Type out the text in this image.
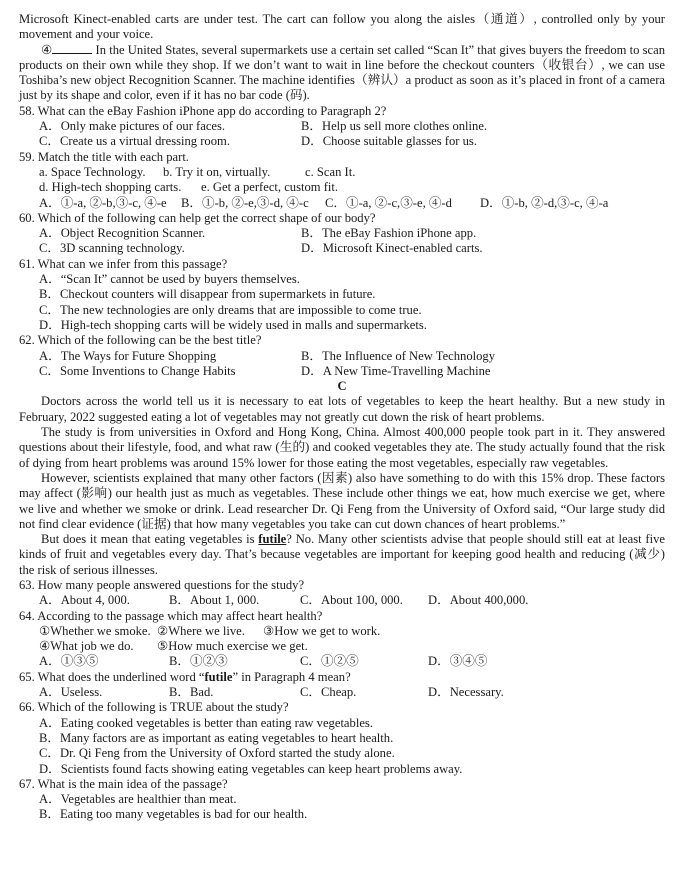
Microsoft Kinect-enabled carts are under test. The cart can follow you along the aisles（通道）, controlled only by your movement and your voice.

④	In the United States, several supermarkets use a certain set called “Scan It” that gives buyers the freedom to scan products on their own while they shop. If we don’t want to wait in line before the checkout counters（收银台）, we can use Toshiba’s new object Recognition Scanner. The machine identifies（辨认）a product as soon as it’s placed in front of a camera just by its shape and color, even if it has no bar code (码).

58. What can the eBay Fashion iPhone app do according to Paragraph 2?

A．Only make pictures of our faces.	B．Help us sell more clothes online.
C．Create us a virtual dressing room.	D．Choose suitable glasses for us.

59. Match the title with each part.

a. Space Technology. b. Try it on, virtually.	c. Scan It.
d. High-tech shopping carts. e. Get a perfect, custom fit.
A．①-a, ②-b,③-c, ④-e B．①-b, ②-e,③-d, ④-c C．①-a, ②-c,③-e, ④-d D．①-b, ②-d,③-c, ④-a

60. Which of the following can help get the correct shape of our body?

A．Object Recognition Scanner.	B．The eBay Fashion iPhone app.
C．3D scanning technology.	D．Microsoft Kinect-enabled carts.

61. What can we infer from this passage?

A．“Scan It” cannot be used by buyers themselves.
B．Checkout counters will disappear from supermarkets in future.
C．The new technologies are only dreams that are impossible to come true.
D．High-tech shopping carts will be widely used in malls and supermarkets.

62. Which of the following can be the best title?

A．The Ways for Future Shopping	B．The Influence of New Technology
C．Some Inventions to Change Habits	D．A New Time-Travelling Machine

C

Doctors across the world tell us it is necessary to eat lots of vegetables to keep the heart healthy. But a new study in February, 2022 suggested eating a lot of vegetables may not greatly cut down the risk of heart problems.

The study is from universities in Oxford and Hong Kong, China. Almost 400,000 people took part in it. They answered questions about their lifestyle, food, and what raw (生的) and cooked vegetables they ate. The study actually found that the risk of dying from heart problems was around 15% lower for those eating the most vegetables, especially raw vegetables.

However, scientists explained that many other factors (因素) also have something to do with this 15% drop. These factors may affect (影响) our health just as much as vegetables. These include other things we eat, how much exercise we get, where we live and whether we smoke or drink. Lead researcher Dr. Qi Feng from the University of Oxford said, “Our large study did not find clear evidence (证据) that how many vegetables you take can cut down chances of heart problems.”

But does it mean that eating vegetables is futile? No. Many other scientists advise that people should still eat at least five kinds of fruit and vegetables every day. That’s because vegetables are important for keeping good health and reducing (减少) the risk of serious illnesses.

63. How many people answered questions for the study?

A．About 4, 000.	B．About 1, 000.	C．About 100, 000.	D．About 400,000.

64. According to the passage which may affect heart health?

①Whether we smoke. ②Where we live. ③How we get to work.
④What job we do. ⑤How much exercise we get.
A．①③⑤	B．①②③	C．①②⑤	D．③④⑤

65. What does the underlined word “futile” in Paragraph 4 mean?

A．Useless.	B．Bad.	C．Cheap.	D．Necessary.

66. Which of the following is TRUE about the study?

A．Eating cooked vegetables is better than eating raw vegetables.
B．Many factors are as important as eating vegetables to heart health.
C．Dr. Qi Feng from the University of Oxford started the study alone.
D．Scientists found facts showing eating vegetables can keep heart problems away.

67. What is the main idea of the passage?

A．Vegetables are healthier than meat.
B．Eating too many vegetables is bad for our health.
